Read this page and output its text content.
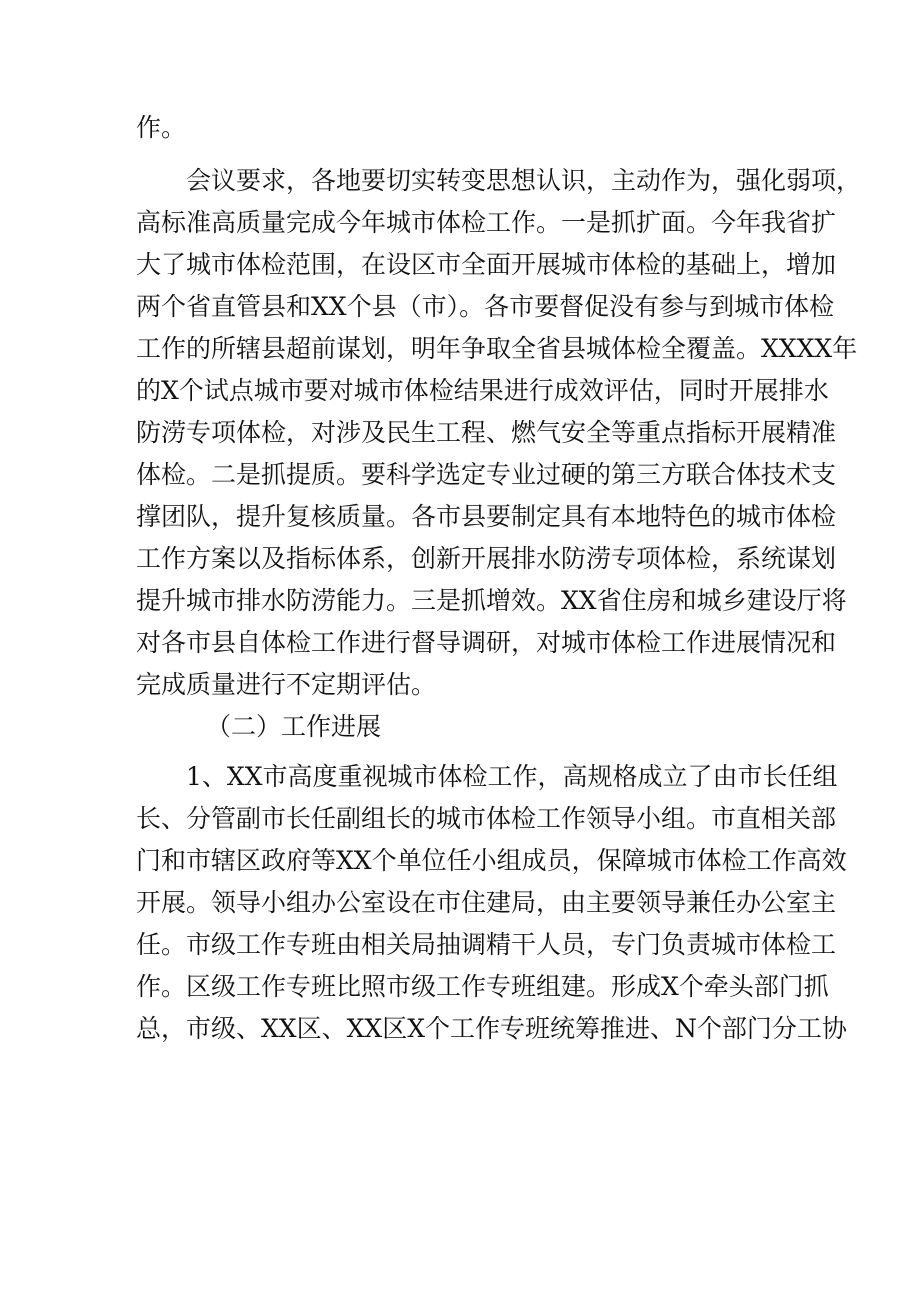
作。
会议要求，各地要切实转变思想认识，主动作为，强化弱项，
高标准高质量完成今年城市体检工作。一是抓扩面。今年我省扩
大了城市体检范围，在设区市全面开展城市体检的基础上，增加
两个省直管县和XX个县（市）。各市要督促没有参与到城市体检
工作的所辖县超前谋划，明年争取全省县城体检全覆盖。XXXX年
的X个试点城市要对城市体检结果进行成效评估，同时开展排水
防涝专项体检，对涉及民生工程、燃气安全等重点指标开展精准
体检。二是抓提质。要科学选定专业过硬的第三方联合体技术支
撑团队，提升复核质量。各市县要制定具有本地特色的城市体检
工作方案以及指标体系，创新开展排水防涝专项体检，系统谋划
提升城市排水防涝能力。三是抓增效。XX省住房和城乡建设厅将
对各市县自体检工作进行督导调研，对城市体检工作进展情况和
完成质量进行不定期评估。
（二）工作进展
1、XX市高度重视城市体检工作，高规格成立了由市长任组
长、分管副市长任副组长的城市体检工作领导小组。市直相关部
门和市辖区政府等XX个单位任小组成员，保障城市体检工作高效
开展。领导小组办公室设在市住建局，由主要领导兼任办公室主
任。市级工作专班由相关局抽调精干人员，专门负责城市体检工
作。区级工作专班比照市级工作专班组建。形成X个牵头部门抓
总，市级、XX区、XX区X个工作专班统筹推进、N个部门分工协
